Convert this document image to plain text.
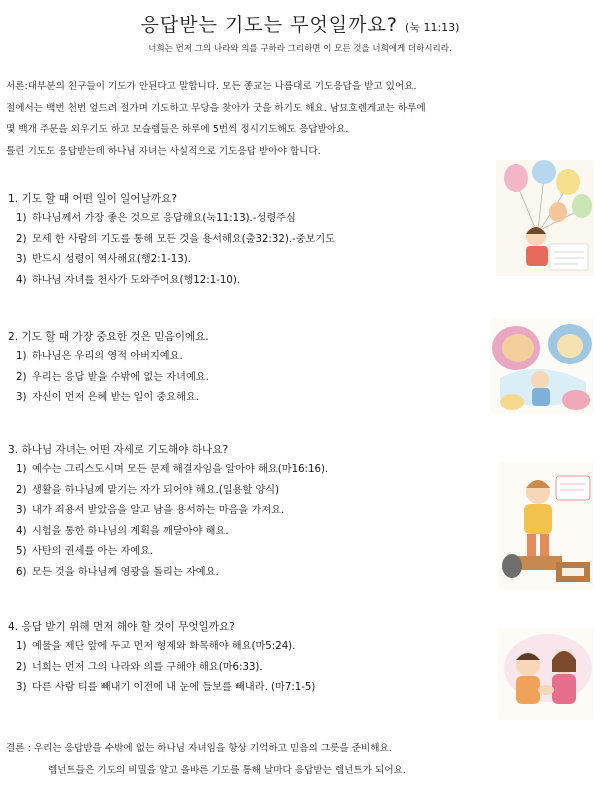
응답받는 기도는 무엇일까요? (눅 11:13)
너희는 먼저 그의 나라와 의를 구하라 그리하면 이 모든 것을 너희에게 더하시리라.
서론:대부분의 친구들이 기도가 안된다고 말합니다. 모든 종교는 나름대로 기도응답을 받고 있어요.
절에서는 백번 천번 엎드려 절가며 기도하고 무당을 찾아가 굿을 하기도 해요. 남묘호렌게교는 하루에
몇 백개 주문을 외우기도 하고 모슬렘들은 하루에 5번씩 정시기도해도 응답받아요.
틀린 기도도 응답받는데 하나님 자녀는 사실적으로 기도응답 받아야 합니다.
1. 기도 할 때 어떤 일이 일어날까요?
1) 하나님께서 가장 좋은 것으로 응답해요(눅11:13).-성령주심
2) 모세 한 사람의 기도를 통해 모든 것을 용서해요(출32:32).-중보기도
3) 반드시 성령이 역사해요(행2:1-13).
4) 하나님 자녀를 천사가 도와주어요(행12:1-10).
2. 기도 할 때 가장 중요한 것은 믿음이에요.
1) 하나님은 우리의 영적 아버지예요.
2) 우리는 응답 받을 수밖에 없는 자녀예요.
3) 자신이 먼저 은혜 받는 일이 중요해요.
3. 하나님 자녀는 어떤 자세로 기도해야 하나요?
1) 예수는 그리스도시며 모든 문제 해결자임을 알아야 해요(마16:16).
2) 생활을 하나님께 맡기는 자가 되어야 해요.(일용할 양식)
3) 내가 죄용서 받았음을 알고 남을 용서하는 마음을 가져요.
4) 시험을 통한 하나님의 계획을 깨달아야 해요.
5) 사탄의 권세를 아는 자예요.
6) 모든 것을 하나님께 영광을 돌리는 자예요.
4. 응답 받기 위해 먼저 해야 할 것이 무엇일까요?
1) 예물을 제단 앞에 두고 먼저 형제와 화목해야 해요(마5:24).
2) 너희는 먼저 그의 나라와 의를 구해야 해요(마6:33).
3) 다른 사람 티를 빼내기 이전에 내 눈에 들보를 빼내라. (마7:1-5)
결론 : 우리는 응답받을 수밖에 없는 하나님 자녀임을 항상 기억하고 믿음의 그릇을 준비해요.
렘넌트들은 기도의 비밀을 알고 올바른 기도를 통해 날마다 응답받는 렘넌트가 되어요.
